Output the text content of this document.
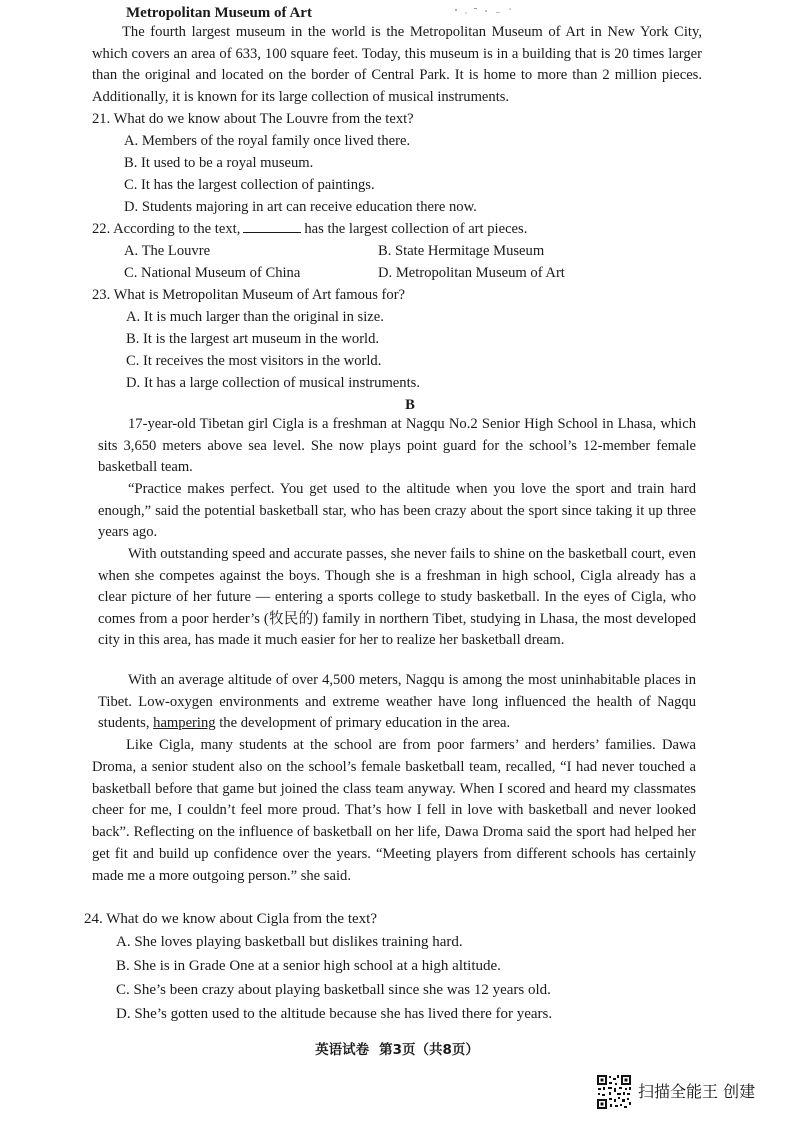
Metropolitan Museum of Art

The fourth largest museum in the world is the Metropolitan Museum of Art in New York City, which covers an area of 633, 100 square feet. Today, this museum is in a building that is 20 times larger than the original and located on the border of Central Park. It is home to more than 2 million pieces. Additionally, it is known for its large collection of musical instruments.

21. What do we know about The Louvre from the text?

A. Members of the royal family once lived there.

B. It used to be a royal museum.

C. It has the largest collection of paintings.

D. Students majoring in art can receive education there now.

22. According to the text,	has the largest collection of art pieces.

A. The Louvre	B. State Hermitage Museum

C. National Museum of China	D. Metropolitan Museum of Art

23. What is Metropolitan Museum of Art famous for?

A. It is much larger than the original in size.

B. It is the largest art museum in the world.

C. It receives the most visitors in the world.

D. It has a large collection of musical instruments.

B

17-year-old Tibetan girl Cigla is a freshman at Nagqu No.2 Senior High School in Lhasa, which sits 3,650 meters above sea level. She now plays point guard for the school’s 12-member female basketball team.

“Practice makes perfect. You get used to the altitude when you love the sport and train hard enough,” said the potential basketball star, who has been crazy about the sport since taking it up three years ago.

With outstanding speed and accurate passes, she never fails to shine on the basketball court, even when she competes against the boys. Though she is a freshman in high school, Cigla already has a clear picture of her future — entering a sports college to study basketball. In the eyes of Cigla, who comes from a poor herder’s (牧民的) family in northern Tibet, studying in Lhasa, the most developed city in this area, has made it much easier for her to realize her basketball dream.

With an average altitude of over 4,500 meters, Nagqu is among the most uninhabitable places in Tibet. Low-oxygen environments and extreme weather have long influenced the health of Nagqu students, hampering the development of primary education in the area.

Like Cigla, many students at the school are from poor farmers’ and herders’ families. Dawa Droma, a senior student also on the school’s female basketball team, recalled, “I had never touched a basketball before that game but joined the class team anyway. When I scored and heard my classmates cheer for me, I couldn’t feel more proud. That’s how I fell in love with basketball and never looked back”. Reflecting on the influence of basketball on her life, Dawa Droma said the sport had helped her get fit and build up confidence over the years. “Meeting players from different schools has certainly made me a more outgoing person.” she said.

24. What do we know about Cigla from the text?

A. She loves playing basketball but dislikes training hard.

B. She is in Grade One at a senior high school at a high altitude.

C. She’s been crazy about playing basketball since she was 12 years old.

D. She’s gotten used to the altitude because she has lived there for years.

英语试卷 第3页（共8页）
扫描全能王 创建
